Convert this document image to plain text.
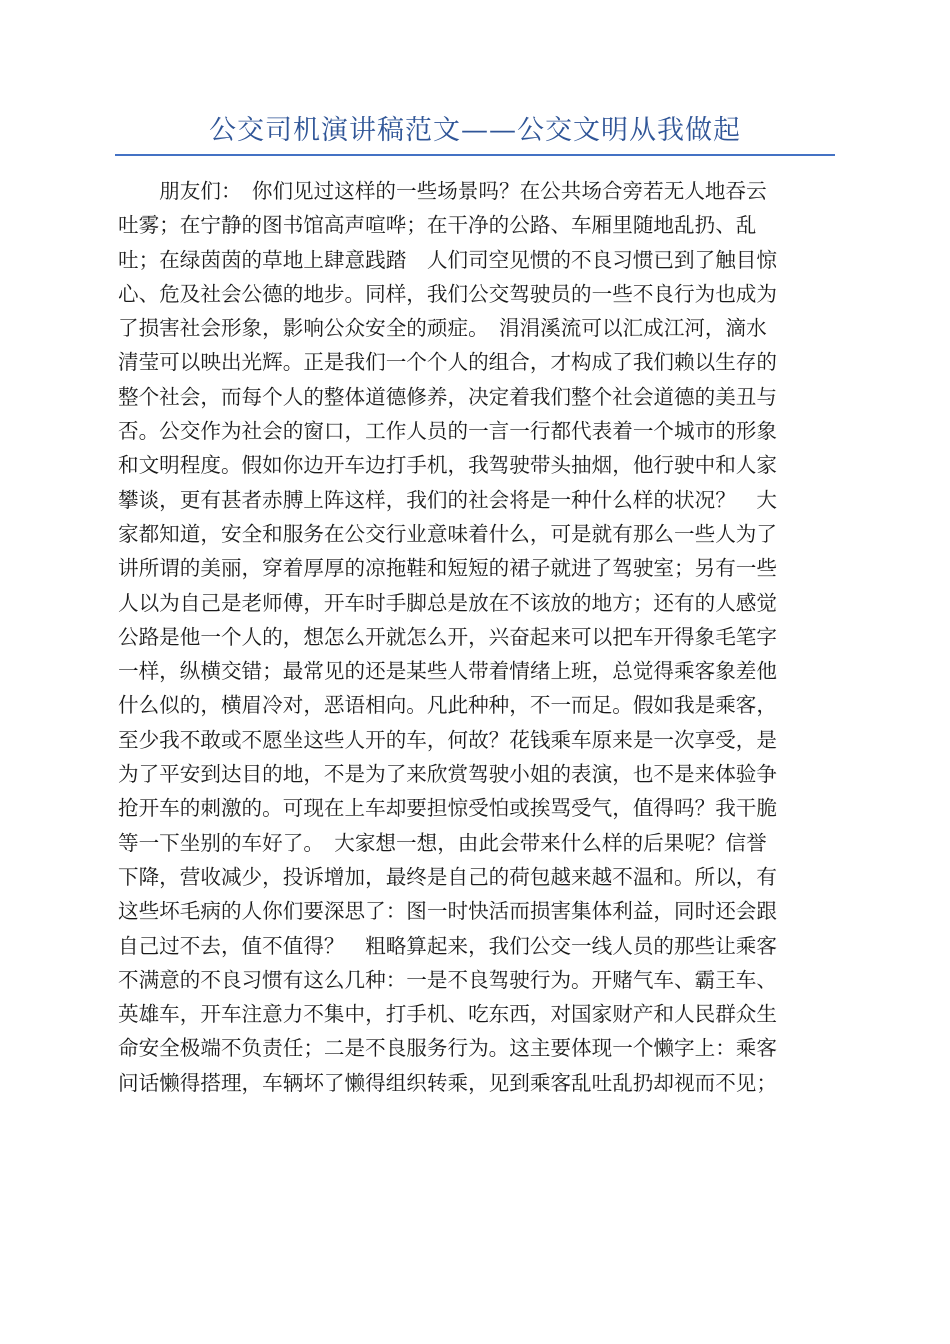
公交司机演讲稿范文——公交文明从我做起
　　朋友们：　你们见过这样的一些场景吗？在公共场合旁若无人地吞云
吐雾；在宁静的图书馆高声喧哗；在干净的公路、车厢里随地乱扔、乱
吐；在绿茵茵的草地上肆意践踏　人们司空见惯的不良习惯已到了触目惊
心、危及社会公德的地步。同样，我们公交驾驶员的一些不良行为也成为
了损害社会形象，影响公众安全的顽症。　涓涓溪流可以汇成江河，滴水
清莹可以映出光辉。正是我们一个个人的组合，才构成了我们赖以生存的
整个社会，而每个人的整体道德修养，决定着我们整个社会道德的美丑与
否。公交作为社会的窗口，工作人员的一言一行都代表着一个城市的形象
和文明程度。假如你边开车边打手机，我驾驶带头抽烟，他行驶中和人家
攀谈，更有甚者赤膊上阵这样，我们的社会将是一种什么样的状况？　大
家都知道，安全和服务在公交行业意味着什么，可是就有那么一些人为了
讲所谓的美丽，穿着厚厚的凉拖鞋和短短的裙子就进了驾驶室；另有一些
人以为自己是老师傅，开车时手脚总是放在不该放的地方；还有的人感觉
公路是他一个人的，想怎么开就怎么开，兴奋起来可以把车开得象毛笔字
一样，纵横交错；最常见的还是某些人带着情绪上班，总觉得乘客象差他
什么似的，横眉冷对，恶语相向。凡此种种，不一而足。假如我是乘客，
至少我不敢或不愿坐这些人开的车，何故？花钱乘车原来是一次享受，是
为了平安到达目的地，不是为了来欣赏驾驶小姐的表演，也不是来体验争
抢开车的刺激的。可现在上车却要担惊受怕或挨骂受气，值得吗？我干脆
等一下坐别的车好了。　大家想一想，由此会带来什么样的后果呢？信誉
下降，营收减少，投诉增加，最终是自己的荷包越来越不温和。所以，有
这些坏毛病的人你们要深思了：图一时快活而损害集体利益，同时还会跟
自己过不去，值不值得？　粗略算起来，我们公交一线人员的那些让乘客
不满意的不良习惯有这么几种：一是不良驾驶行为。开赌气车、霸王车、
英雄车，开车注意力不集中，打手机、吃东西，对国家财产和人民群众生
命安全极端不负责任；二是不良服务行为。这主要体现一个懒字上：乘客
问话懒得搭理，车辆坏了懒得组织转乘，见到乘客乱吐乱扔却视而不见；
